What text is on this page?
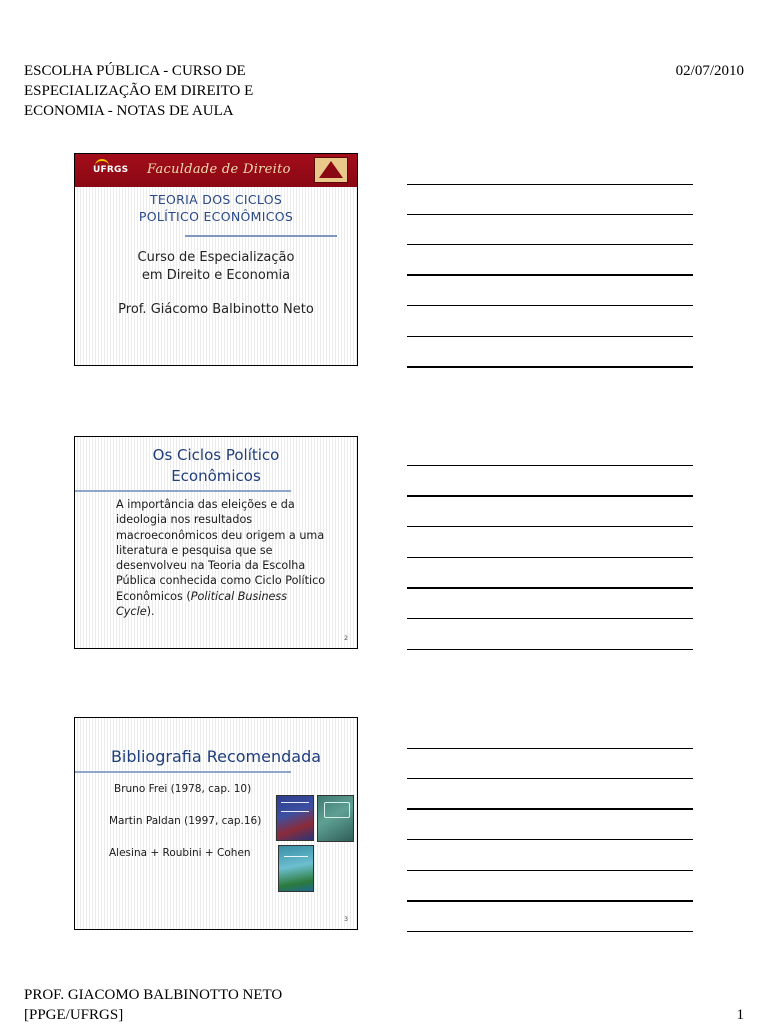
ESCOLHA PÚBLICA - CURSO DE
ESPECIALIZAÇÃO EM DIREITO E
ECONOMIA - NOTAS DE AULA
02/07/2010
UFRGS Faculdade de Direito
TEORIA DOS CICLOS
POLÍTICO ECONÔMICOS
Curso de Especialização
em Direito e Economia
Prof. Giácomo Balbinotto Neto
Os Ciclos Político
Econômicos
A importância das eleições e da
ideologia nos resultados
macroeconômicos deu origem a uma
literatura e pesquisa que se
desenvolveu na Teoria da Escolha
Pública conhecida como Ciclo Político
Econômicos (Political Business
Cycle).
2
Bibliografia Recomendada
Bruno Frei (1978, cap. 10)
Martin Paldan (1997, cap.16)
Alesina + Roubini + Cohen
3
PROF. GIACOMO BALBINOTTO NETO
[PPGE/UFRGS]	1
